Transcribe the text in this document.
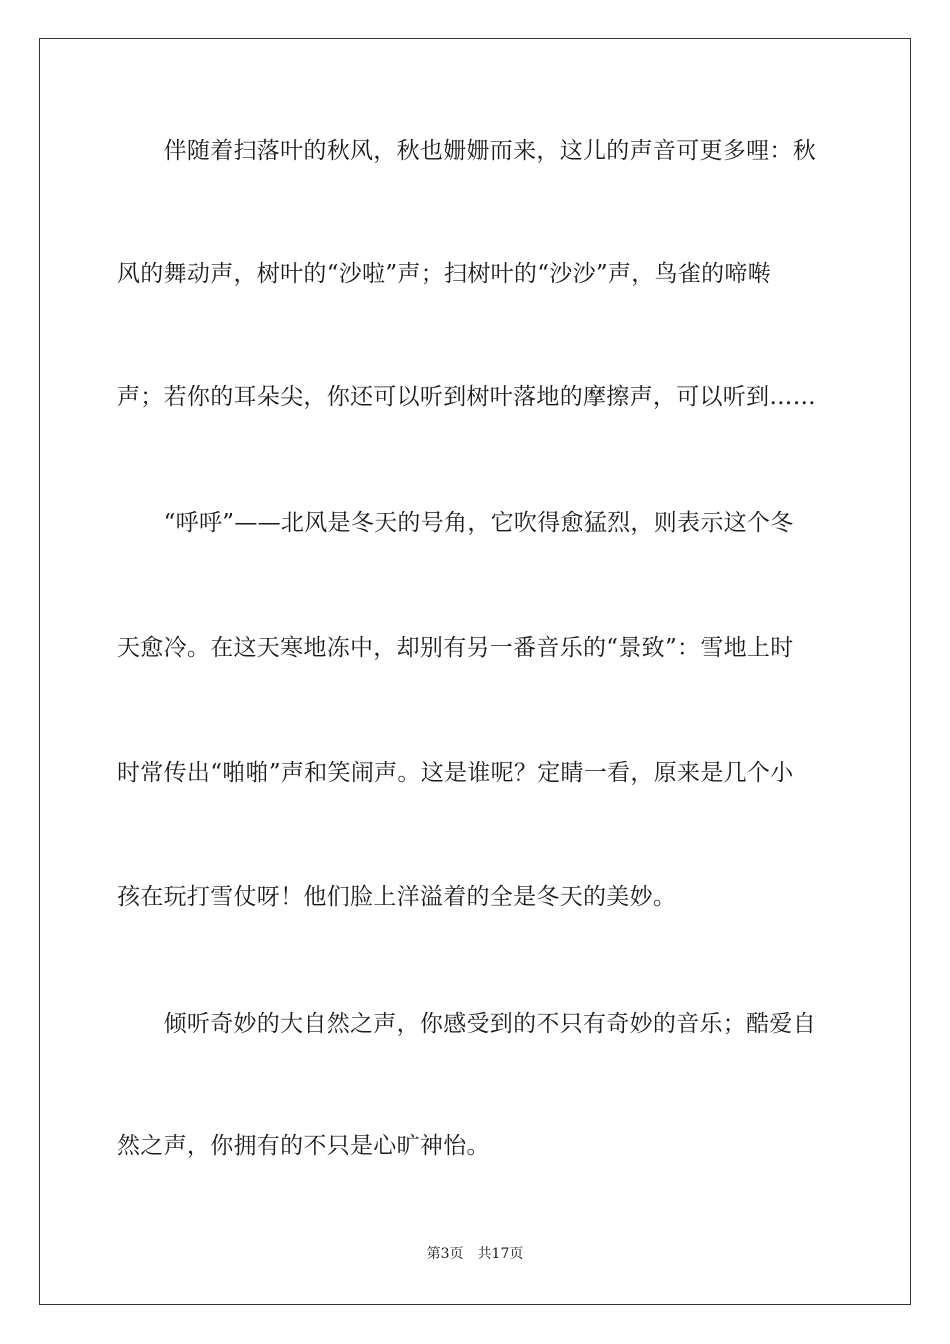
　　伴随着扫落叶的秋风，秋也姗姗而来，这儿的声音可更多哩：秋
风的舞动声，树叶的“沙啦”声；扫树叶的“沙沙”声，鸟雀的啼啭
声；若你的耳朵尖，你还可以听到树叶落地的摩擦声，可以听到……
　　“呼呼”——北风是冬天的号角，它吹得愈猛烈，则表示这个冬
天愈冷。在这天寒地冻中，却别有另一番音乐的“景致”：雪地上时
时常传出“啪啪”声和笑闹声。这是谁呢？定睛一看，原来是几个小
孩在玩打雪仗呀！他们脸上洋溢着的全是冬天的美妙。
　　倾听奇妙的大自然之声，你感受到的不只有奇妙的音乐；酷爱自
然之声，你拥有的不只是心旷神怡。
第3页　共17页
